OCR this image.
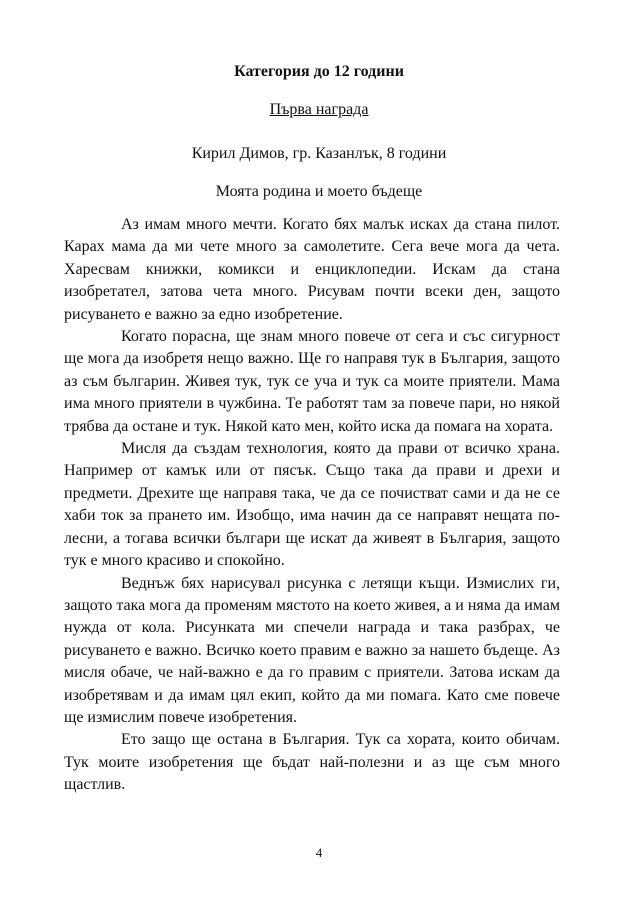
Категория до 12 години

Първа награда

Кирил Димов, гр. Казанлък, 8 години

Моята родина и моето бъдеще

Аз имам много мечти. Когато бях малък исках да стана пилот. Карах мама да ми чете много за самолетите. Сега вече мога да чета. Харесвам книжки, комикси и енциклопедии. Искам да стана изобретател, затова чета много. Рисувам почти всеки ден, защото рисуването е важно за едно изобретение.

Когато порасна, ще знам много повече от сега и със сигурност ще мога да изобретя нещо важно. Ще го направя тук в България, защото аз съм българин. Живея тук, тук се уча и тук са моите приятели. Мама има много приятели в чужбина. Те работят там за повече пари, но някой трябва да остане и тук. Някой като мен, който иска да помага на хората.

Мисля да създам технология, която да прави от всичко храна. Например от камък или от пясък. Също така да прави и дрехи и предмети. Дрехите ще направя така, че да се почистват сами и да не се хаби ток за прането им. Изобщо, има начин да се направят нещата по-лесни, а тогава всички българи ще искат да живеят в България, защото тук е много красиво и спокойно.

Веднъж бях нарисувал рисунка с летящи къщи. Измислих ги, защото така мога да променям мястото на което живея, а и няма да имам нужда от кола. Рисунката ми спечели награда и така разбрах, че рисуването е важно. Всичко което правим е важно за нашето бъдеще. Аз мисля обаче, че най-важно е да го правим с приятели. Затова искам да изобретявам и да имам цял екип, който да ми помага. Като сме повече ще измислим повече изобретения.

Ето защо ще остана в България. Тук са хората, които обичам. Тук моите изобретения ще бъдат най-полезни и аз ще съм много щастлив.

4
